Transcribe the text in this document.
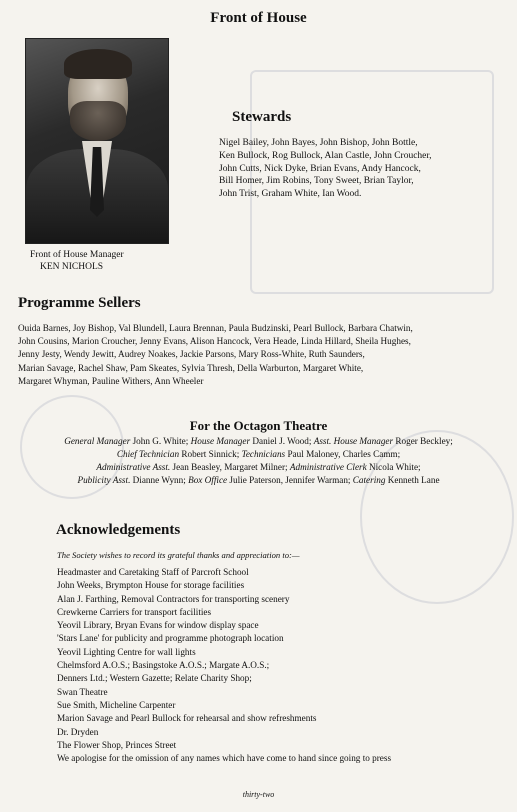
Front of House
Front of House Manager
KEN NICHOLS
Stewards
Nigel Bailey, John Bayes, John Bishop, John Bottle,
Ken Bullock, Rog Bullock, Alan Castle, John Croucher,
John Cutts, Nick Dyke, Brian Evans, Andy Hancock,
Bill Homer, Jim Robins, Tony Sweet, Brian Taylor,
John Trist, Graham White, Ian Wood.
Programme Sellers
Ouida Barnes, Joy Bishop, Val Blundell, Laura Brennan, Paula Budzinski, Pearl Bullock, Barbara Chatwin,
John Cousins, Marion Croucher, Jenny Evans, Alison Hancock, Vera Heade, Linda Hillard, Sheila Hughes,
Jenny Jesty, Wendy Jewitt, Audrey Noakes, Jackie Parsons, Mary Ross-White, Ruth Saunders,
Marian Savage, Rachel Shaw, Pam Skeates, Sylvia Thresh, Della Warburton, Margaret White,
Margaret Whyman, Pauline Withers, Ann Wheeler
For the Octagon Theatre
General Manager John G. White; House Manager Daniel J. Wood; Asst. House Manager Roger Beckley;
Chief Technician Robert Sinnick; Technicians Paul Maloney, Charles Camm;
Administrative Asst. Jean Beasley, Margaret Milner; Administrative Clerk Nicola White;
Publicity Asst. Dianne Wynn; Box Office Julie Paterson, Jennifer Warman; Catering Kenneth Lane
Acknowledgements
The Society wishes to record its grateful thanks and appreciation to:—
Headmaster and Caretaking Staff of Parcroft School
John Weeks, Brympton House for storage facilities
Alan J. Farthing, Removal Contractors for transporting scenery
Crewkerne Carriers for transport facilities
Yeovil Library, Bryan Evans for window display space
'Stars Lane' for publicity and programme photograph location
Yeovil Lighting Centre for wall lights
Chelmsford A.O.S.; Basingstoke A.O.S.; Margate A.O.S.;
Denners Ltd.; Western Gazette; Relate Charity Shop;
Swan Theatre
Sue Smith, Micheline Carpenter
Marion Savage and Pearl Bullock for rehearsal and show refreshments
Dr. Dryden
The Flower Shop, Princes Street
We apologise for the omission of any names which have come to hand since going to press
thirty-two
